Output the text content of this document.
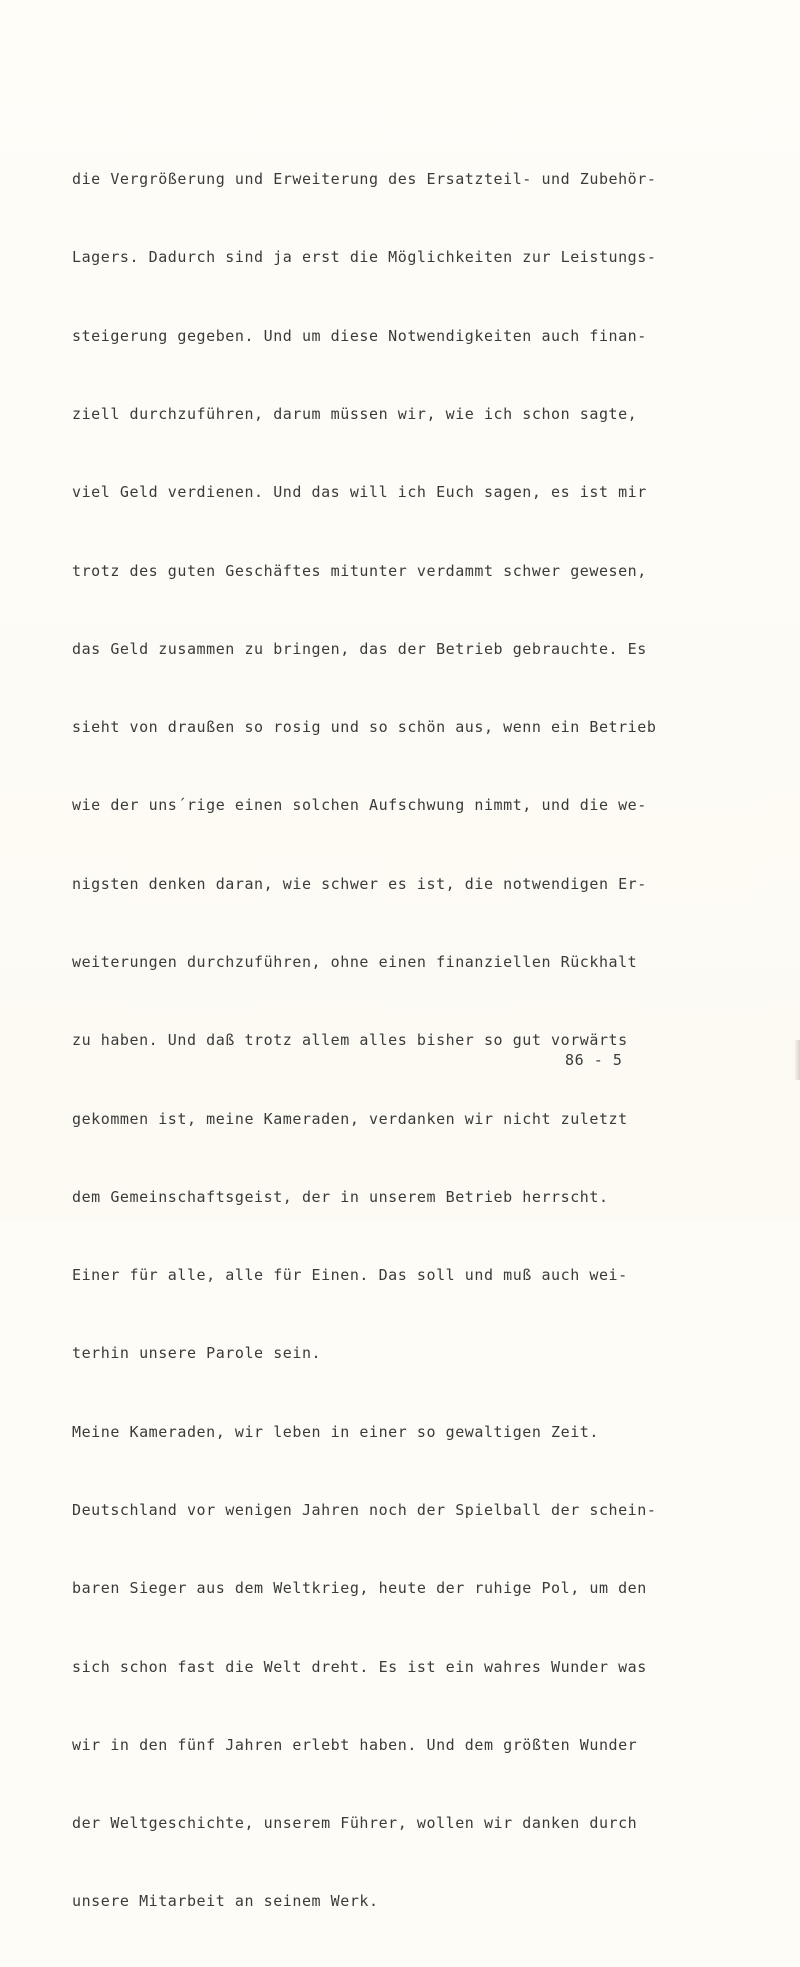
die Vergrößerung und Erweiterung des Ersatzteil- und Zubehör-

Lagers. Dadurch sind ja erst die Möglichkeiten zur Leistungs-

steigerung gegeben. Und um diese Notwendigkeiten auch finan-

ziell durchzuführen, darum müssen wir, wie ich schon sagte,

viel Geld verdienen. Und das will ich Euch sagen, es ist mir

trotz des guten Geschäftes mitunter verdammt schwer gewesen,

das Geld zusammen zu bringen, das der Betrieb gebrauchte. Es

sieht von draußen so rosig und so schön aus, wenn ein Betrieb

wie der uns´rige einen solchen Aufschwung nimmt, und die we-

nigsten denken daran, wie schwer es ist, die notwendigen Er-

weiterungen durchzuführen, ohne einen finanziellen Rückhalt

zu haben. Und daß trotz allem alles bisher so gut vorwärts

gekommen ist, meine Kameraden, verdanken wir nicht zuletzt

dem Gemeinschaftsgeist, der in unserem Betrieb herrscht.

Einer für alle, alle für Einen. Das soll und muß auch wei-

terhin unsere Parole sein.

Meine Kameraden, wir leben in einer so gewaltigen Zeit.

Deutschland vor wenigen Jahren noch der Spielball der schein-

baren Sieger aus dem Weltkrieg, heute der ruhige Pol, um den

sich schon fast die Welt dreht. Es ist ein wahres Wunder was

wir in den fünf Jahren erlebt haben. Und dem größten Wunder

der Weltgeschichte, unserem Führer, wollen wir danken durch

unsere Mitarbeit an seinem Werk.

86 - 5
